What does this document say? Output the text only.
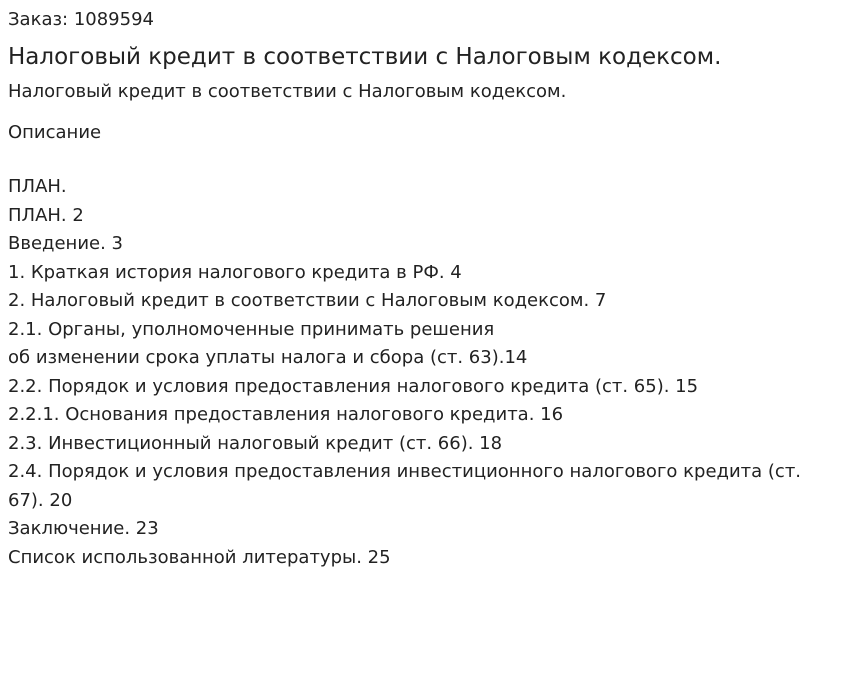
Заказ: 1089594
Налоговый кредит в соответствии с Налоговым кодексом.
Налоговый кредит в соответствии с Налоговым кодексом.
Описание
ПЛАН.
ПЛАН. 2
Введение. 3
1. Краткая история налогового кредита в РФ. 4
2. Налоговый кредит в соответствии с Налоговым кодексом. 7
2.1. Органы, уполномоченные принимать решения
об изменении срока уплаты налога и сбора (ст. 63).14
2.2. Порядок и условия предоставления налогового кредита (ст. 65). 15
2.2.1. Основания предоставления налогового кредита. 16
2.3. Инвестиционный налоговый кредит (ст. 66). 18
2.4. Порядок и условия предоставления инвестиционного налогового кредита (ст. 67). 20
Заключение. 23
Список использованной литературы. 25
